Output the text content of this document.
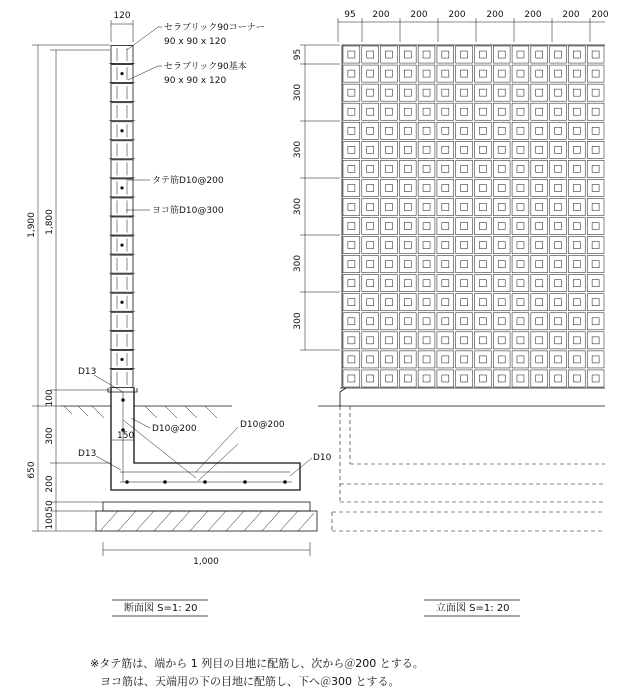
120
セラブリック90コーナー
90 x 90 x 120
セラブリック90基本
90 x 90 x 120
タテ筋D10@200
ヨコ筋D10@300
D13
D13
D10@200	D10@200
D10
150
1,900 1,800
100
650
300
200
100
50
1,000
断面図 S=1: 20
95 200 200 200 200 200 200 200
95
300
300
300
300
300
立面図 S=1: 20
※タテ筋は、端から 1 列目の目地に配筋し、次から＠200 とする。
ヨコ筋は、天端用の下の目地に配筋し、下へ＠300 とする。
